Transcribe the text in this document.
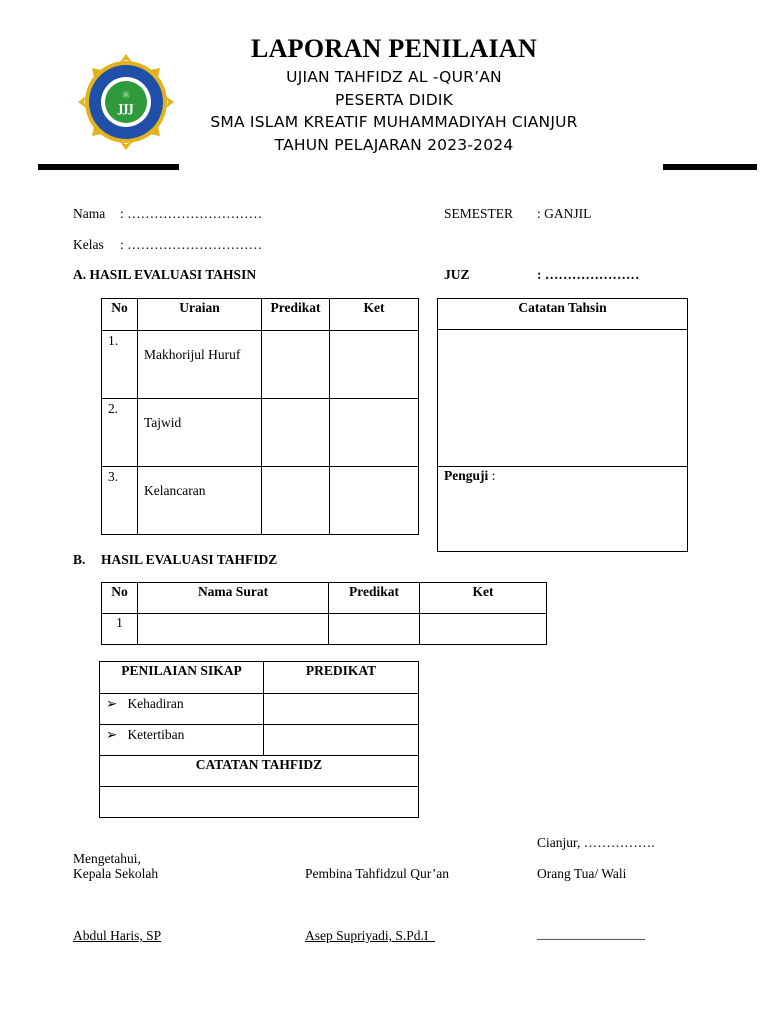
☼
JJJ
LAPORAN PENILAIAN
UJIAN TAHFIDZ AL -QUR’AN
PESERTA DIDIK
SMA ISLAM KREATIF MUHAMMADIYAH CIANJUR
TAHUN PELAJARAN 2023-2024
Nama : …………………………
Kelas : …………………………
SEMESTER : GANJIL
A. HASIL EVALUASI TAHSIN	JUZ	: …………………
No	Uraian	Predikat	Ket
1.	Makhorijul Huruf		

2.	Tajwid		

3.	Kelancaran		

Catatan Tahsin

Penguji :
B. HASIL EVALUASI TAHFIDZ
No	Nama Surat	Predikat	Ket
1			
PENILAIAN SIKAP	PREDIKAT
➢ Kehadiran	
➢ Ketertiban	
CATATAN TAHFIDZ	

Cianjur, …………….
Mengetahui,
Kepala Sekolah	Pembina Tahfidzul Qur’an	Orang Tua/ Wali
Abdul Haris, SP	Asep Supriyadi, S.Pd.I	________________
